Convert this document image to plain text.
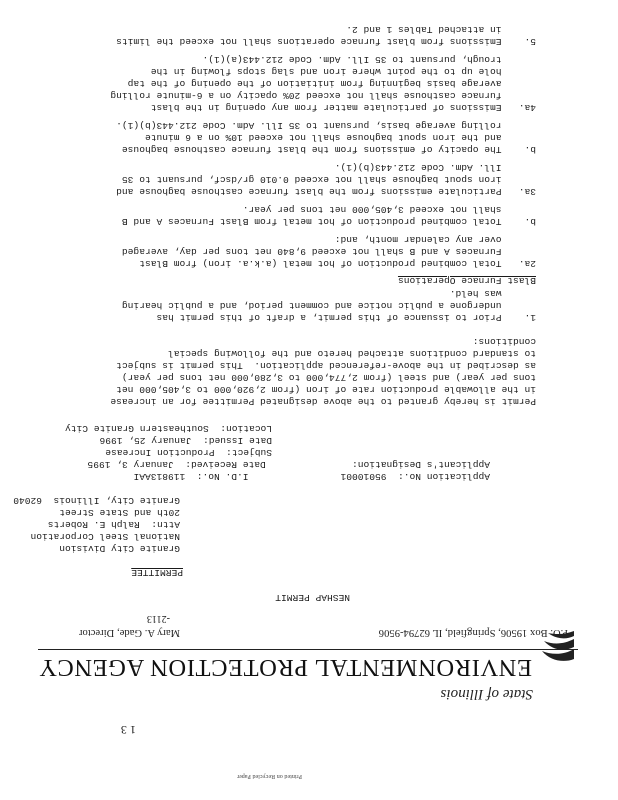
State of Illinois
ENVIRONMENTAL PROTECTION AGENCY
P.O. Box 19506, Springfield, IL 62794-9506
Mary A. Gade, Director
-2113
NESHAP PERMIT
PERMITTEE
Granite City Division
National Steel Corporation
Attn:  Ralph E. Roberts
20th and State Street
Granite City, Illinois  62040
Application No.:  95010001                I.D. No.:  119813AAI
Applicant's Designation:               Date Received:  January 3, 1995
Subject:  Production Increase
Date Issued:  January 25, 1996
Location:  Southeastern Granite City
Permit is hereby granted to the above designated Permittee for an increase
in the allowable production rate of iron (from 2,920,000 to 3,405,000 net
tons per year) and steel (from 2,774,000 to 3,280,000 net tons per year)
as described in the above-referenced application.  This permit is subject
to standard conditions attached hereto and the following special
conditions:
1.    Prior to issuance of this permit, a draft of this permit has
undergone a public notice and comment period, and a public hearing
was held.
Blast Furnace Operations
2a.   Total combined production of hot metal (a.k.a. iron) from Blast
Furnaces A and B shall not exceed 9,840 net tons per day, averaged
over any calendar month, and:
b.    Total combined production of hot metal from Blast Furnaces A and B
shall not exceed 3,405,000 net tons per year.
3a.   Particulate emissions from the blast furnace casthouse baghouse and
iron spout baghouse shall not exceed 0.010 gr/dscf, pursuant to 35
Ill. Adm. Code 212.443(b)(1).
b.    The opacity of emissions from the blast furnace casthouse baghouse
and the iron spout baghouse shall not exceed 10% on a 6 minute
rolling average basis, pursuant to 35 Ill. Adm. Code 212.443(b)(1).
4a.   Emissions of particulate matter from any opening in the blast
furnace casthouse shall not exceed 20% opacity on a 6-minute rolling
average basis beginning from initiation of the opening of the tap
hole up to the point where iron and slag stops flowing in the
trough, pursuant to 35 Ill. Adm. Code 212.443(a)(1).
5.    Emissions from blast furnace operations shall not exceed the limits
in attached Tables 1 and 2.
Printed on Recycled Paper
1 3
